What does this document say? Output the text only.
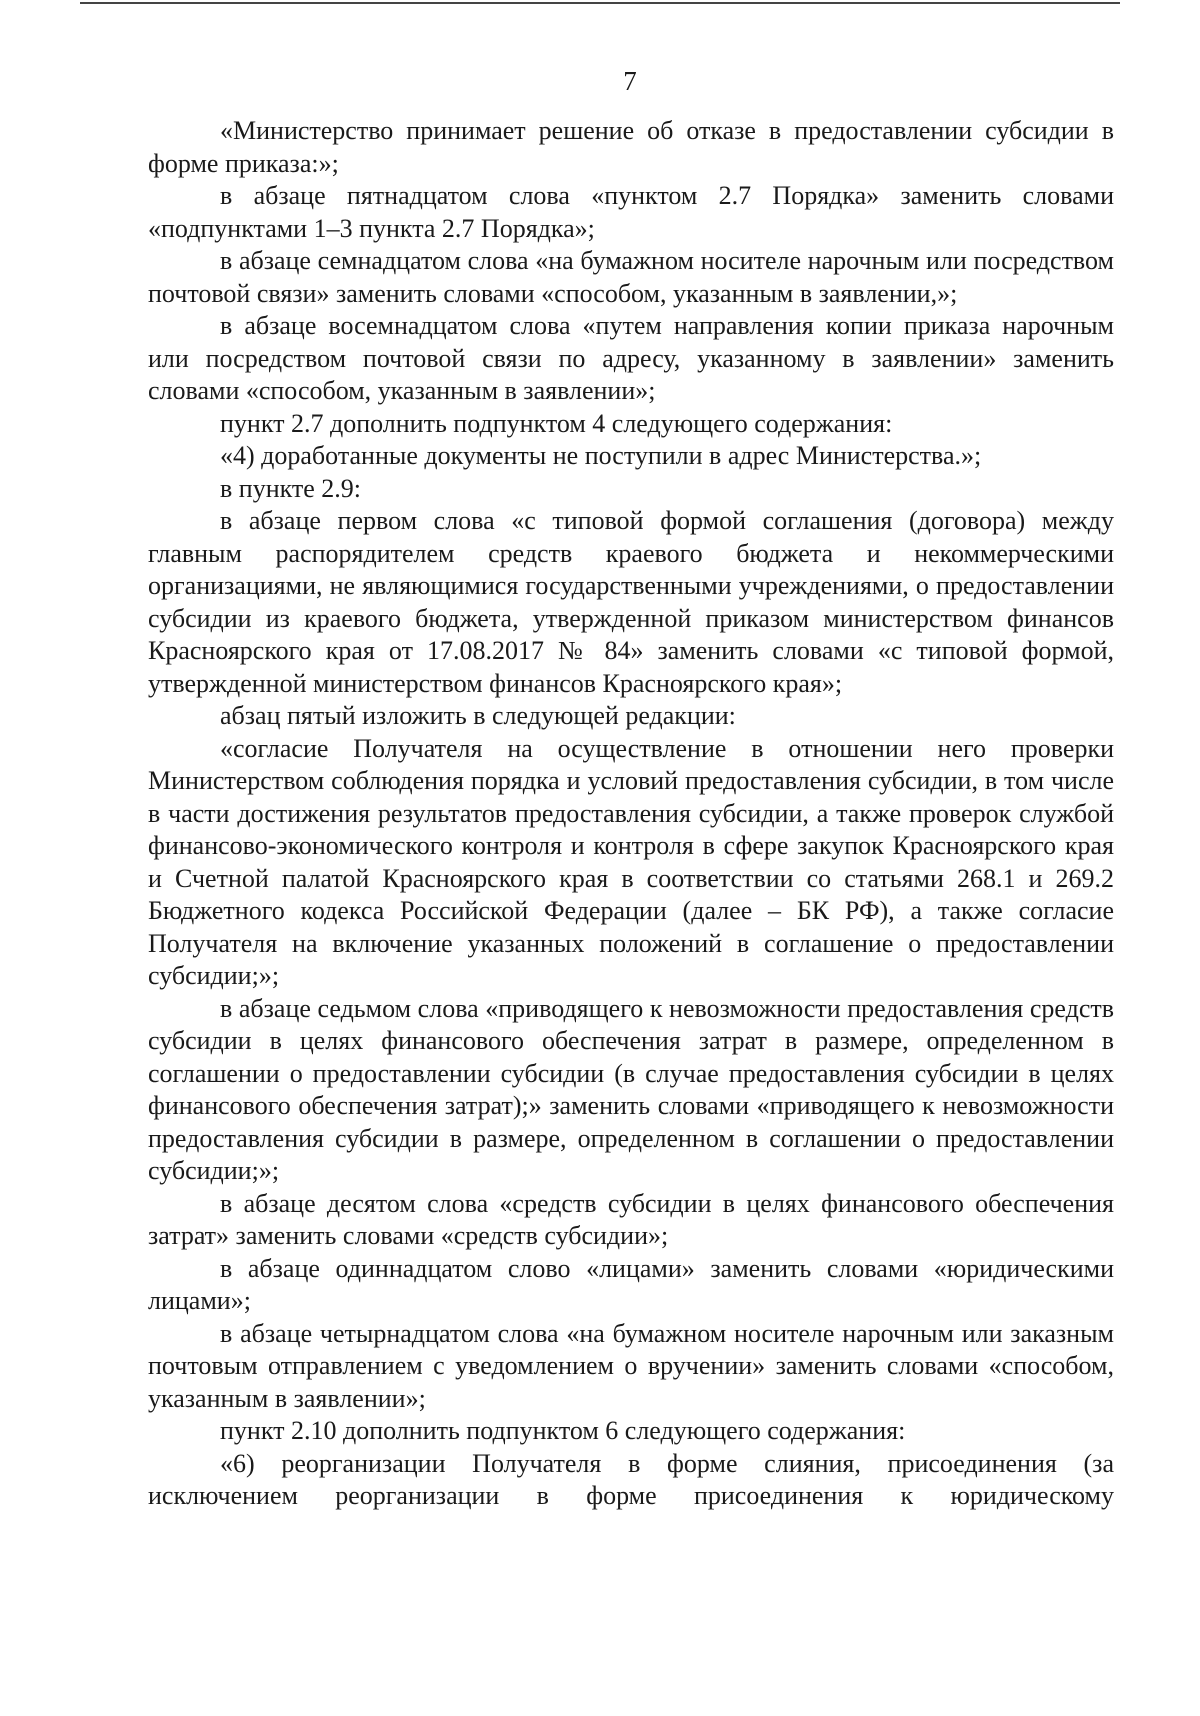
7

«Министерство принимает решение об отказе в предоставлении субсидии в форме приказа:»;

в абзаце пятнадцатом слова «пунктом 2.7 Порядка» заменить словами «подпунктами 1–3 пункта 2.7 Порядка»;

в абзаце семнадцатом слова «на бумажном носителе нарочным или посредством почтовой связи» заменить словами «способом, указанным в заявлении,»;

в абзаце восемнадцатом слова «путем направления копии приказа нарочным или посредством почтовой связи по адресу, указанному в заявлении» заменить словами «способом, указанным в заявлении»;

пункт 2.7 дополнить подпунктом 4 следующего содержания:

«4) доработанные документы не поступили в адрес Министерства.»;

в пункте 2.9:

в абзаце первом слова «с типовой формой соглашения (договора) между главным распорядителем средств краевого бюджета и некоммерческими организациями, не являющимися государственными учреждениями, о предоставлении субсидии из краевого бюджета, утвержденной приказом министерством финансов Красноярского края от 17.08.2017 № 84» заменить словами «с типовой формой, утвержденной министерством финансов Красноярского края»;

абзац пятый изложить в следующей редакции:

«согласие Получателя на осуществление в отношении него проверки Министерством соблюдения порядка и условий предоставления субсидии, в том числе в части достижения результатов предоставления субсидии, а также проверок службой финансово-экономического контроля и контроля в сфере закупок Красноярского края и Счетной палатой Красноярского края в соответствии со статьями 268.1 и 269.2 Бюджетного кодекса Российской Федерации (далее – БК РФ), а также согласие Получателя на включение указанных положений в соглашение о предоставлении субсидии;»;

в абзаце седьмом слова «приводящего к невозможности предоставления средств субсидии в целях финансового обеспечения затрат в размере, определенном в соглашении о предоставлении субсидии (в случае предоставления субсидии в целях финансового обеспечения затрат);» заменить словами «приводящего к невозможности предоставления субсидии в размере, определенном в соглашении о предоставлении субсидии;»;

в абзаце десятом слова «средств субсидии в целях финансового обеспечения затрат» заменить словами «средств субсидии»;

в абзаце одиннадцатом слово «лицами» заменить словами «юридическими лицами»;

в абзаце четырнадцатом слова «на бумажном носителе нарочным или заказным почтовым отправлением с уведомлением о вручении» заменить словами «способом, указанным в заявлении»;

пункт 2.10 дополнить подпунктом 6 следующего содержания:

«6) реорганизации Получателя в форме слияния, присоединения (за исключением реорганизации в форме присоединения к юридическому
